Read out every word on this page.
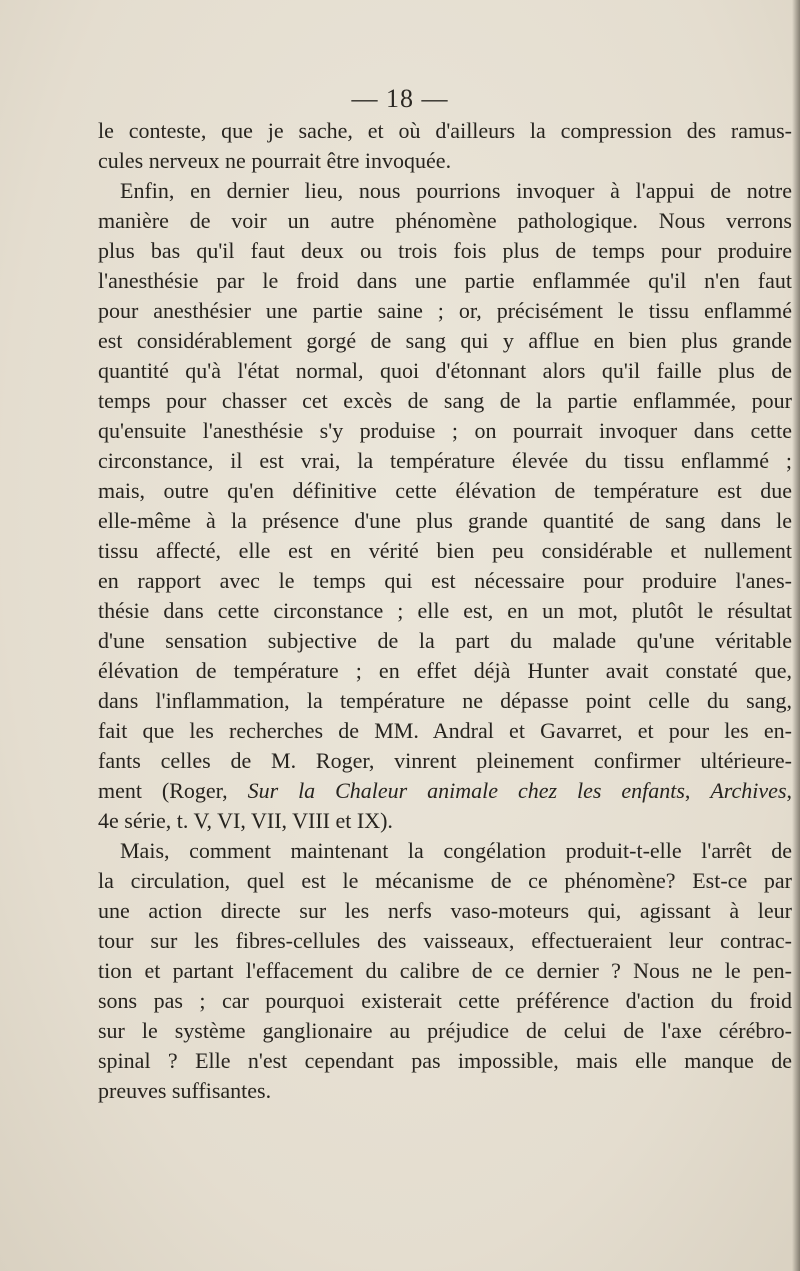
— 18 —
le conteste, que je sache, et où d'ailleurs la compression des ramus-
cules nerveux ne pourrait être invoquée.
Enfin, en dernier lieu, nous pourrions invoquer à l'appui de notre
manière de voir un autre phénomène pathologique. Nous verrons
plus bas qu'il faut deux ou trois fois plus de temps pour produire
l'anesthésie par le froid dans une partie enflammée qu'il n'en faut
pour anesthésier une partie saine ; or, précisément le tissu enflammé
est considérablement gorgé de sang qui y afflue en bien plus grande
quantité qu'à l'état normal, quoi d'étonnant alors qu'il faille plus de
temps pour chasser cet excès de sang de la partie enflammée, pour
qu'ensuite l'anesthésie s'y produise ; on pourrait invoquer dans cette
circonstance, il est vrai, la température élevée du tissu enflammé ;
mais, outre qu'en définitive cette élévation de température est due
elle-même à la présence d'une plus grande quantité de sang dans le
tissu affecté, elle est en vérité bien peu considérable et nullement
en rapport avec le temps qui est nécessaire pour produire l'anes-
thésie dans cette circonstance ; elle est, en un mot, plutôt le résultat
d'une sensation subjective de la part du malade qu'une véritable
élévation de température ; en effet déjà Hunter avait constaté que,
dans l'inflammation, la température ne dépasse point celle du sang,
fait que les recherches de MM. Andral et Gavarret, et pour les en-
fants celles de M. Roger, vinrent pleinement confirmer ultérieure-
ment (Roger, Sur la Chaleur animale chez les enfants, Archives,
4e série, t. V, VI, VII, VIII et IX).
Mais, comment maintenant la congélation produit-t-elle l'arrêt de
la circulation, quel est le mécanisme de ce phénomène? Est-ce par
une action directe sur les nerfs vaso-moteurs qui, agissant à leur
tour sur les fibres-cellules des vaisseaux, effectueraient leur contrac-
tion et partant l'effacement du calibre de ce dernier ? Nous ne le pen-
sons pas ; car pourquoi existerait cette préférence d'action du froid
sur le système ganglionaire au préjudice de celui de l'axe cérébro-
spinal ? Elle n'est cependant pas impossible, mais elle manque de
preuves suffisantes.
